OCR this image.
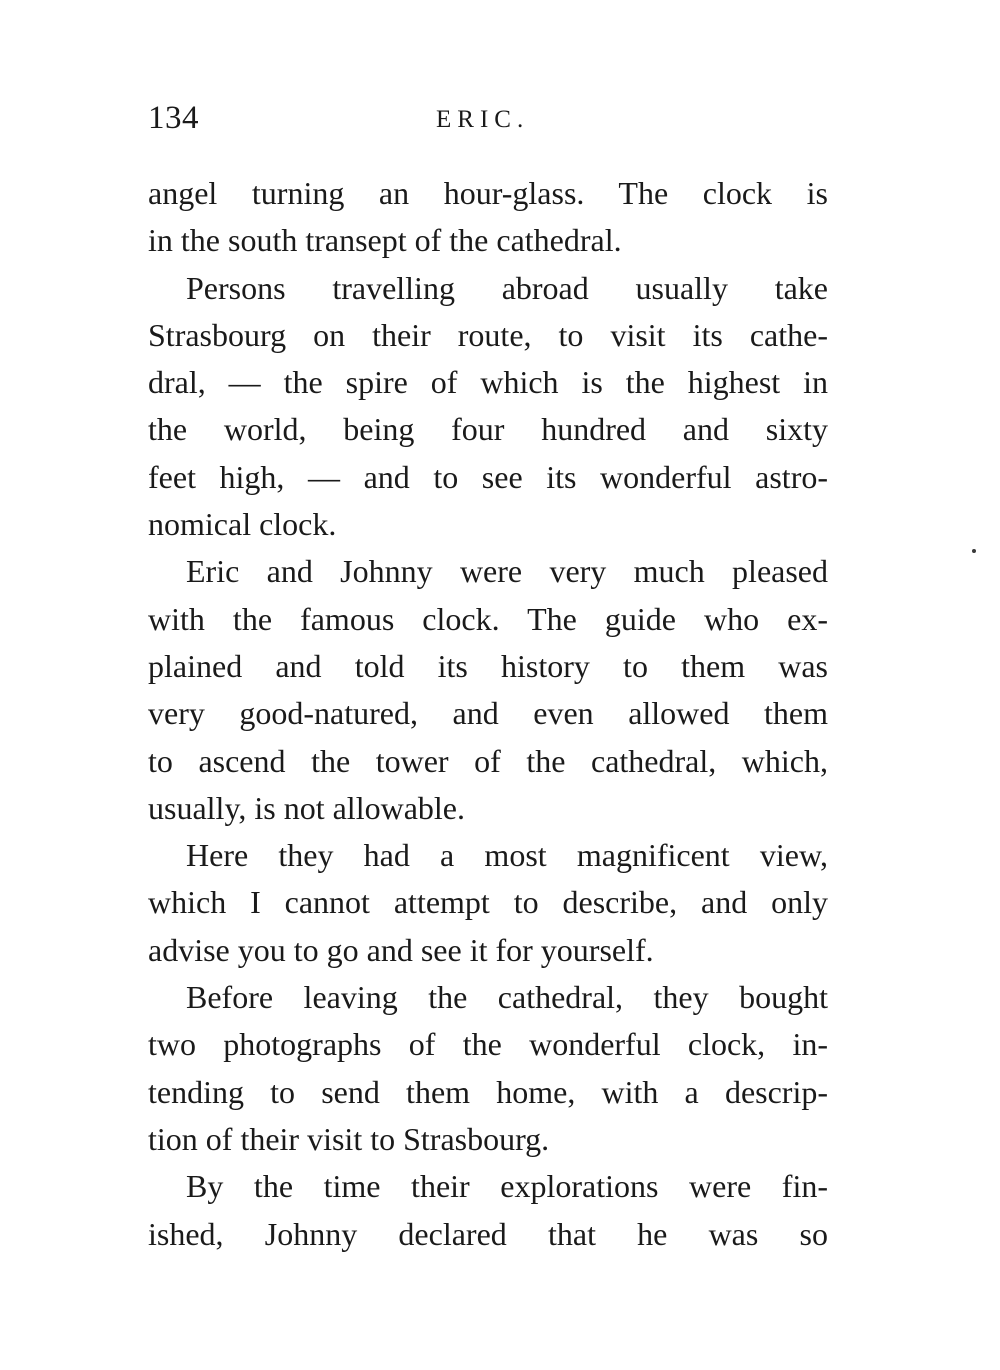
134	ERIC.

angel turning an hour-glass. The clock is
in the south transept of the cathedral.

Persons travelling abroad usually take
Strasbourg on their route, to visit its cathe-
dral, — the spire of which is the highest in
the world, being four hundred and sixty
feet high, — and to see its wonderful astro-
nomical clock.

Eric and Johnny were very much pleased
with the famous clock. The guide who ex-
plained and told its history to them was
very good-natured, and even allowed them
to ascend the tower of the cathedral, which,
usually, is not allowable.

Here they had a most magnificent view,
which I cannot attempt to describe, and only
advise you to go and see it for yourself.

Before leaving the cathedral, they bought
two photographs of the wonderful clock, in-
tending to send them home, with a descrip-
tion of their visit to Strasbourg.

By the time their explorations were fin-
ished, Johnny declared that he was so
